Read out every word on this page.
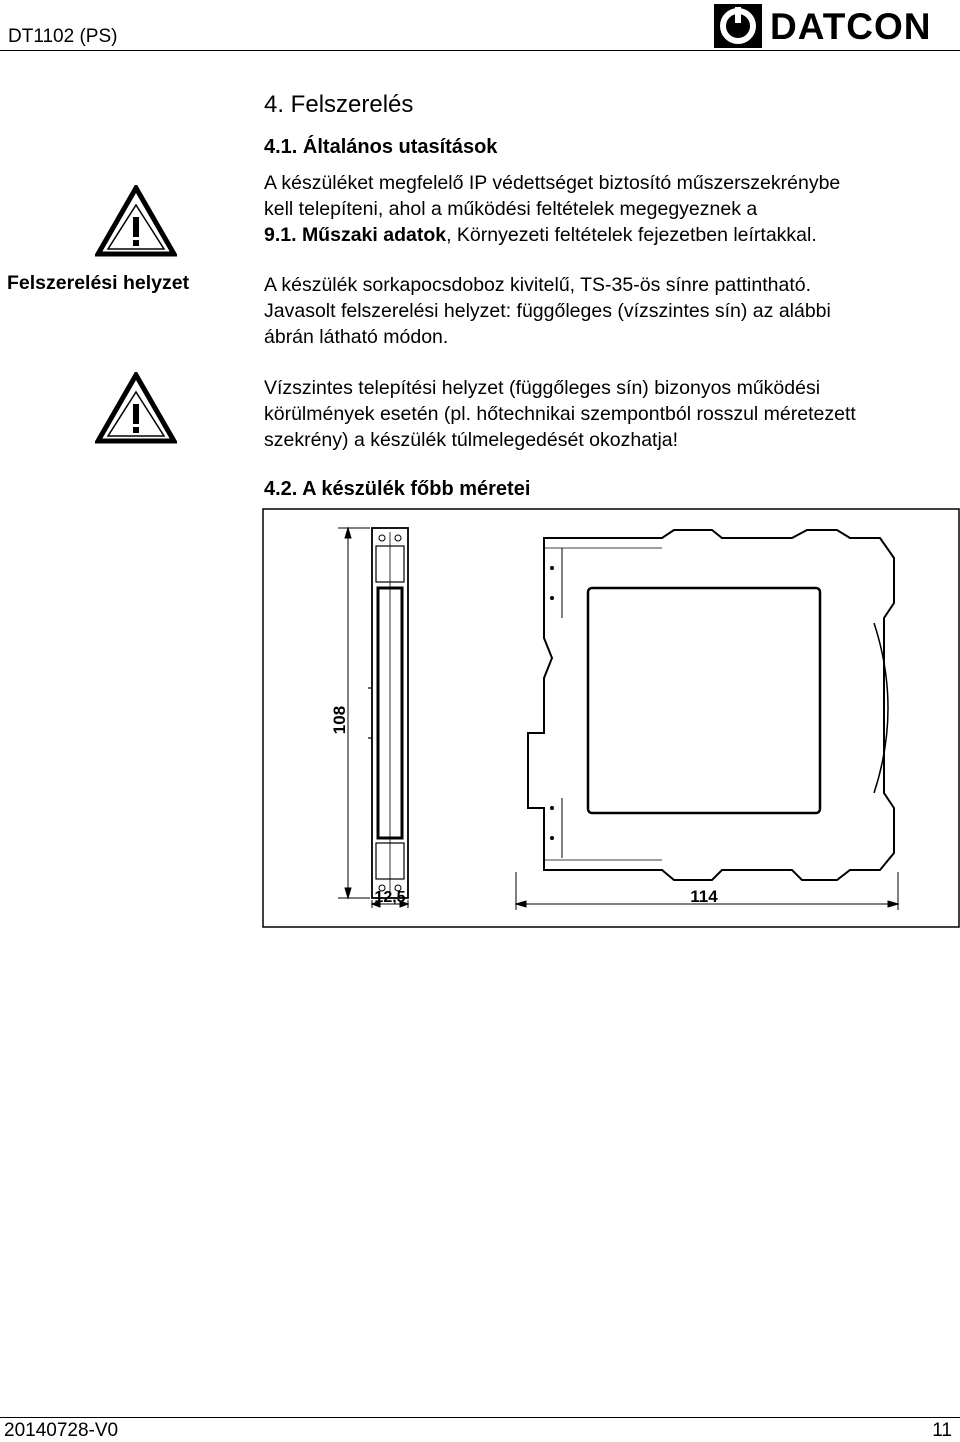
DT1102 (PS)	DATCON
4. Felszerelés
4.1. Általános utasítások
A készüléket megfelelő IP védettséget biztosító műszerszekrénybe
kell telepíteni, ahol a működési feltételek megegyeznek a
9.1. Műszaki adatok, Környezeti feltételek fejezetben leírtakkal.
Felszerelési helyzet	A készülék sorkapocsdoboz kivitelű, TS-35-ös sínre pattintható.
Javasolt felszerelési helyzet: függőleges (vízszintes sín) az alábbi
ábrán látható módon.
Vízszintes telepítési helyzet (függőleges sín) bizonyos működési
körülmények esetén (pl. hőtechnikai szempontból rosszul méretezett
szekrény) a készülék túlmelegedését okozhatja!
4.2. A készülék főbb méretei
108
12,5	114
20140728-V0	11
